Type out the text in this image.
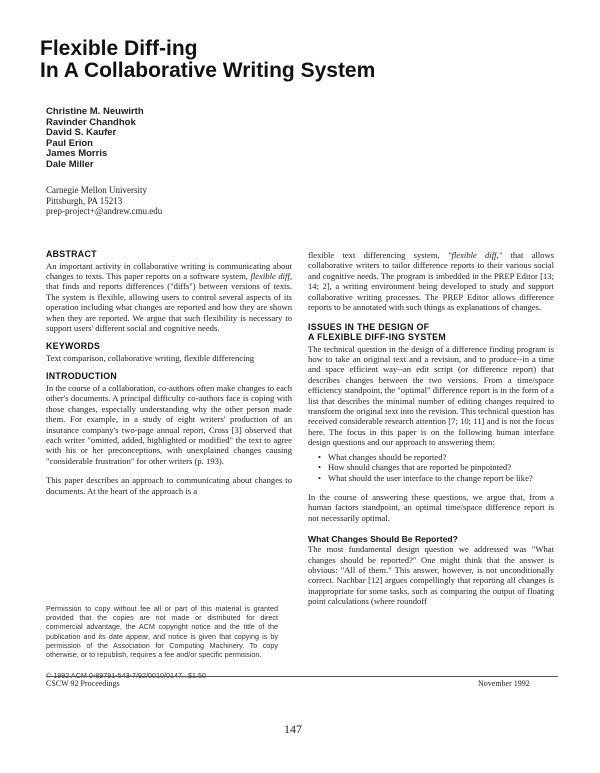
Flexible Diff-ing
In A Collaborative Writing System
Christine M. Neuwirth
Ravinder Chandhok
David S. Kaufer
Paul Erion
James Morris
Dale Miller
Carnegie Mellon University
Pittsburgh, PA 15213
prep-project+@andrew.cmu.edu
ABSTRACT

An important activity in collaborative writing is communicating about changes to texts. This paper reports on a software system, flexible diff, that finds and reports differences ("diffs") between versions of texts. The system is flexible, allowing users to control several aspects of its operation including what changes are reported and how they are shown when they are reported. We argue that such flexibility is necessary to support users' different social and cognitive needs.

KEYWORDS

Text comparison, collaborative writing, flexible differencing

INTRODUCTION

In the course of a collaboration, co-authors often make changes to each other's documents. A principal difficulty co-authors face is coping with those changes, especially understanding why the other person made them. For example, in a study of eight writers' production of an insurance company's two-page annual report, Cross [3] observed that each writer "omitted, added, highlighted or modified" the text to agree with his or her preconceptions, with unexplained changes causing "considerable frustration" for other writers (p. 193).

This paper describes an approach to communicating about changes to documents. At the heart of the approach is a

flexible text differencing system, "flexible diff," that allows collaborative writers to tailor difference reports to their various social and cognitive needs. The program is imbedded in the PREP Editor [13; 14; 2], a writing environment being developed to study and support collaborative writing processes. The PREP Editor allows difference reports to be annotated with such things as explanations of changes.

ISSUES IN THE DESIGN OF
A FLEXIBLE DIFF-ING SYSTEM

The technical question in the design of a difference finding program is how to take an original text and a revision, and to produce--in a time and space efficient way--an edit script (or difference report) that describes changes between the two versions. From a time/space efficiency standpoint, the "optimal" difference report is in the form of a list that describes the minimal number of editing changes required to transform the original text into the revision. This technical question has received considerable research attention [7; 10; 11] and is not the focus here. The focus in this paper is on the following human interface design questions and our approach to answering them:

• What changes should be reported?
• How should changes that are reported be pinpointed?
• What should the user interface to the change report be like?

In the course of answering these questions, we argue that, from a human factors standpoint, an optimal time/space difference report is not necessarily optimal.

What Changes Should Be Reported?

The most fundamental design question we addressed was "What changes should be reported?" One might think that the answer is obvious: "All of them." This answer, however, is not unconditionally correct. Nachbar [12] argues compellingly that reporting all changes is inappropriate for some tasks, such as comparing the output of floating point calculations (where roundoff

Permission to copy without fee all or part of this material is granted provided that the copies are not made or distributed for direct commercial advantage, the ACM copyright notice and the title of the publication and its date appear, and notice is given that copying is by permission of the Association for Computing Machinery. To copy otherwise, or to republish, requires a fee and/or specific permission.
CSCW 92 Proceedings	November 1992
147
